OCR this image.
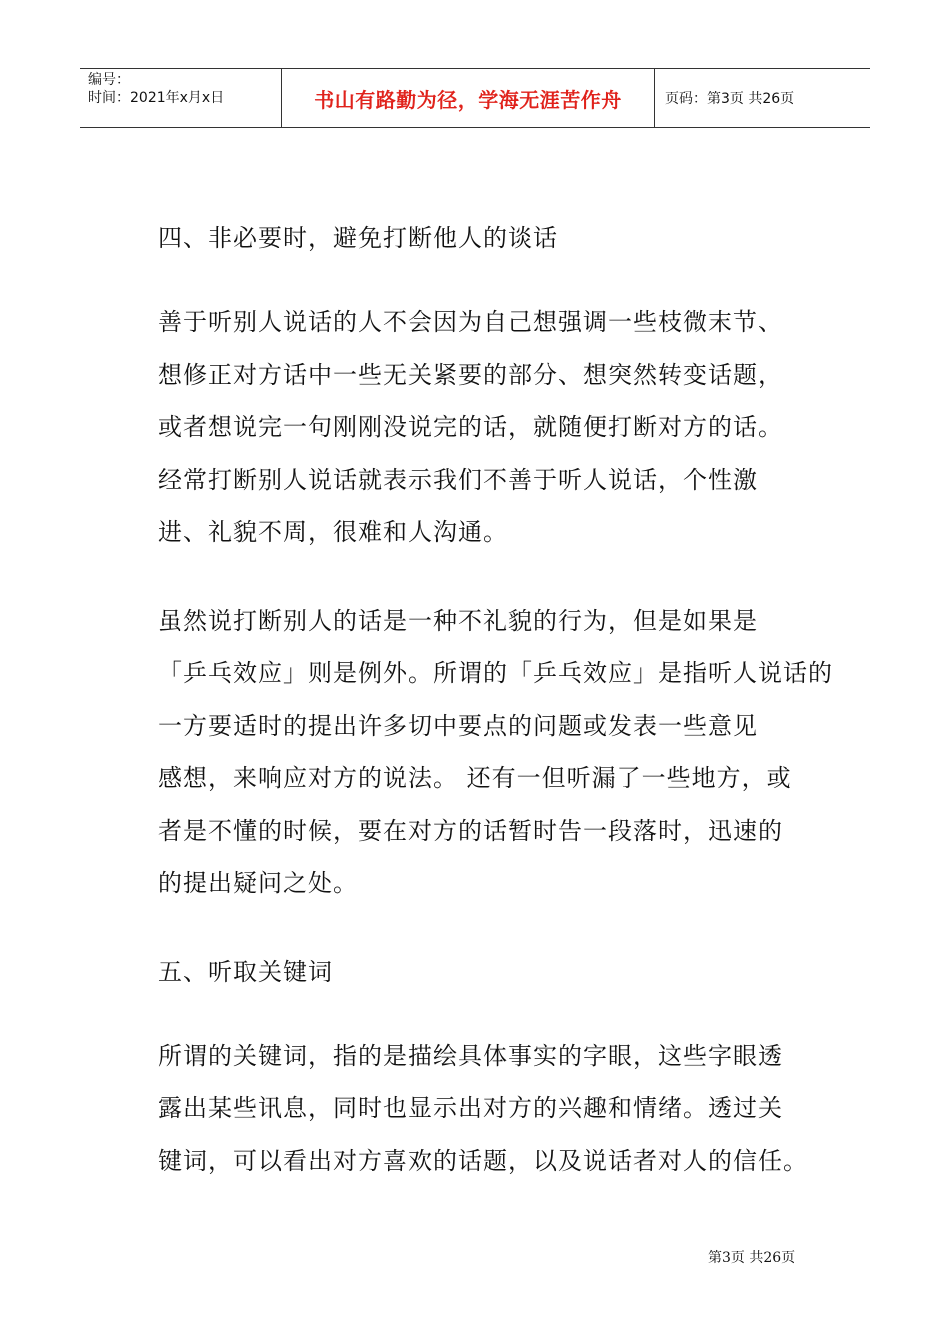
编号：
时间：2021年x月x日	书山有路勤为径，学海无涯苦作舟	页码：第3页 共26页
四、非必要时，避免打断他人的谈话
善于听别人说话的人不会因为自己想强调一些枝微末节、
想修正对方话中一些无关紧要的部分、想突然转变话题，
或者想说完一句刚刚没说完的话，就随便打断对方的话。
经常打断别人说话就表示我们不善于听人说话，个性激
进、礼貌不周，很难和人沟通。
虽然说打断别人的话是一种不礼貌的行为，但是如果是
「乒乓效应」则是例外。所谓的「乒乓效应」是指听人说话的
一方要适时的提出许多切中要点的问题或发表一些意见
感想，来响应对方的说法。 还有一但听漏了一些地方，或
者是不懂的时候，要在对方的话暂时告一段落时，迅速的
的提出疑问之处。
五、听取关键词
所谓的关键词，指的是描绘具体事实的字眼，这些字眼透
露出某些讯息，同时也显示出对方的兴趣和情绪。透过关
键词，可以看出对方喜欢的话题，以及说话者对人的信任。
第3页 共26页
